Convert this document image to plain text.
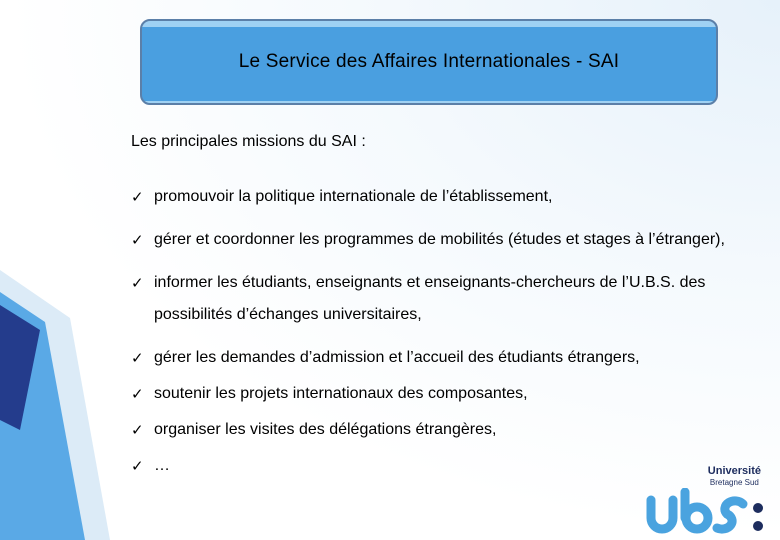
Le Service des Affaires Internationales - SAI
Les principales missions du SAI :
✓ promouvoir la politique internationale de l’établissement,
✓ gérer et coordonner les programmes de mobilités (études et stages à l’étranger),
✓ informer les étudiants, enseignants et enseignants-chercheurs de l’U.B.S. des possibilités d’échanges universitaires,
✓ gérer les demandes d’admission et l’accueil des étudiants étrangers,
✓ soutenir les projets internationaux des composantes,
✓ organiser les visites des délégations étrangères,
✓ …	Université
Bretagne Sud
